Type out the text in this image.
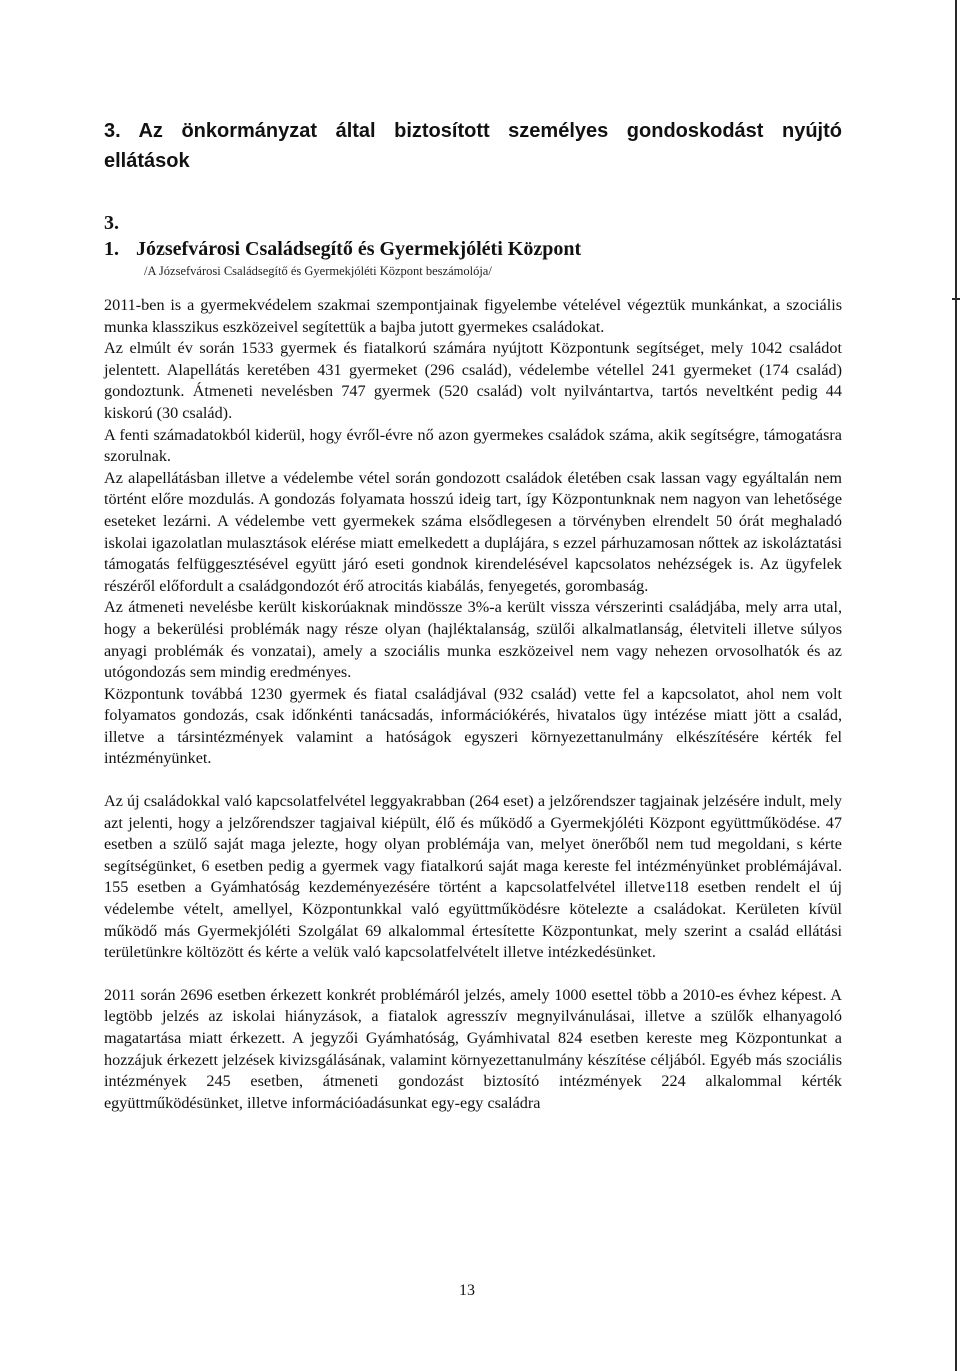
3. Az önkormányzat által biztosított személyes gondoskodást nyújtó ellátások
3. 1. Józsefvárosi Családsegítő és Gyermekjóléti Központ
/A Józsefvárosi Családsegítő és Gyermekjóléti Központ beszámolója/

2011-ben is a gyermekvédelem szakmai szempontjainak figyelembe vételével végeztük munkánkat, a szociális munka klasszikus eszközeivel segítettük a bajba jutott gyermekes családokat.

Az elmúlt év során 1533 gyermek és fiatalkorú számára nyújtott Központunk segítséget, mely 1042 családot jelentett. Alapellátás keretében 431 gyermeket (296 család), védelembe vétellel 241 gyermeket (174 család) gondoztunk. Átmeneti nevelésben 747 gyermek (520 család) volt nyilvántartva, tartós neveltként pedig 44 kiskorú (30 család).

A fenti számadatokból kiderül, hogy évről-évre nő azon gyermekes családok száma, akik segítségre, támogatásra szorulnak.

Az alapellátásban illetve a védelembe vétel során gondozott családok életében csak lassan vagy egyáltalán nem történt előre mozdulás. A gondozás folyamata hosszú ideig tart, így Központunknak nem nagyon van lehetősége eseteket lezárni. A védelembe vett gyermekek száma elsődlegesen a törvényben elrendelt 50 órát meghaladó iskolai igazolatlan mulasztások elérése miatt emelkedett a duplájára, s ezzel párhuzamosan nőttek az iskoláztatási támogatás felfüggesztésével együtt járó eseti gondnok kirendelésével kapcsolatos nehézségek is. Az ügyfelek részéről előfordult a családgondozót érő atrocitás kiabálás, fenyegetés, gorombaság.

Az átmeneti nevelésbe került kiskorúaknak mindössze 3%-a került vissza vérszerinti családjába, mely arra utal, hogy a bekerülési problémák nagy része olyan (hajléktalanság, szülői alkalmatlanság, életviteli illetve súlyos anyagi problémák és vonzatai), amely a szociális munka eszközeivel nem vagy nehezen orvosolhatók és az utógondozás sem mindig eredményes.

Központunk továbbá 1230 gyermek és fiatal családjával (932 család) vette fel a kapcsolatot, ahol nem volt folyamatos gondozás, csak időnkénti tanácsadás, információkérés, hivatalos ügy intézése miatt jött a család, illetve a társintézmények valamint a hatóságok egyszeri környezettanulmány elkészítésére kérték fel intézményünket.

Az új családokkal való kapcsolatfelvétel leggyakrabban (264 eset) a jelzőrendszer tagjainak jelzésére indult, mely azt jelenti, hogy a jelzőrendszer tagjaival kiépült, élő és működő a Gyermekjóléti Központ együttműködése. 47 esetben a szülő saját maga jelezte, hogy olyan problémája van, melyet önerőből nem tud megoldani, s kérte segítségünket, 6 esetben pedig a gyermek vagy fiatalkorú saját maga kereste fel intézményünket problémájával. 155 esetben a Gyámhatóság kezdeményezésére történt a kapcsolatfelvétel illetve118 esetben rendelt el új védelembe vételt, amellyel, Központunkkal való együttműködésre kötelezte a családokat. Kerületen kívül működő más Gyermekjóléti Szolgálat 69 alkalommal értesítette Központunkat, mely szerint a család ellátási területünkre költözött és kérte a velük való kapcsolatfelvételt illetve intézkedésünket.

2011 során 2696 esetben érkezett konkrét problémáról jelzés, amely 1000 esettel több a 2010-es évhez képest. A legtöbb jelzés az iskolai hiányzások, a fiatalok agresszív megnyilvánulásai, illetve a szülők elhanyagoló magatartása miatt érkezett. A jegyzői Gyámhatóság, Gyámhivatal 824 esetben kereste meg Központunkat a hozzájuk érkezett jelzések kivizsgálásának, valamint környezettanulmány készítése céljából. Egyéb más szociális intézmények 245 esetben, átmeneti gondozást biztosító intézmények 224 alkalommal kérték együttműködésünket, illetve információadásunkat egy-egy családra

13
